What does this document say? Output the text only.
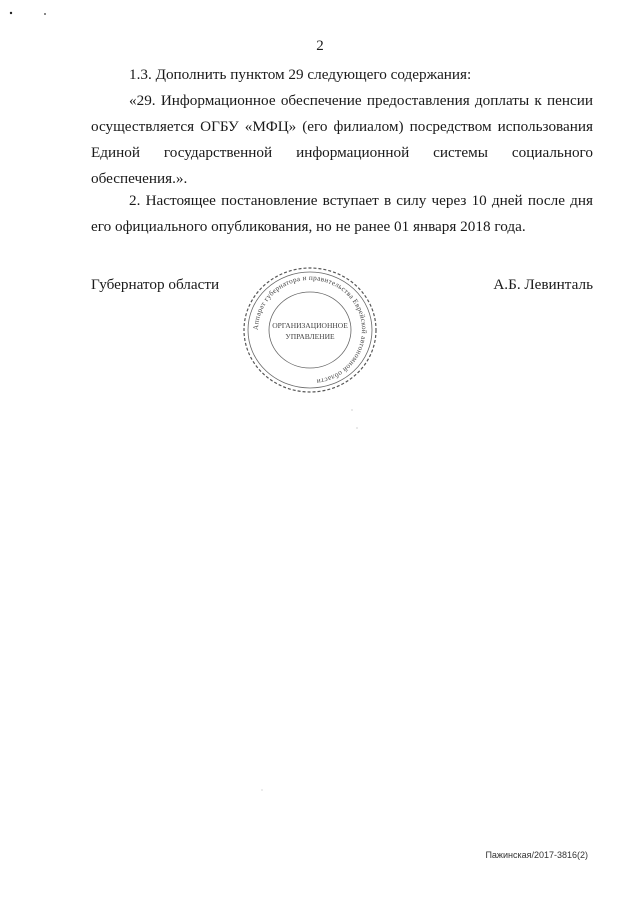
2

1.3. Дополнить пунктом 29 следующего содержания:

«29. Информационное обеспечение предоставления доплаты к пенсии
осуществляется ОГБУ «МФЦ» (его филиалом) посредством использования
Единой государственной информационной системы социального
обеспечения.».
2. Настоящее постановление вступает в силу через 10 дней после дня
его официального опубликования, но не ранее 01 января 2018 года.
Губернатор области	А.Б. Левинталь
Аппарат губернатора и правительства Еврейской автономной области
ОРГАНИЗАЦИОННОЕ
УПРАВЛЕНИЕ
Пажинская/2017-3816(2)
